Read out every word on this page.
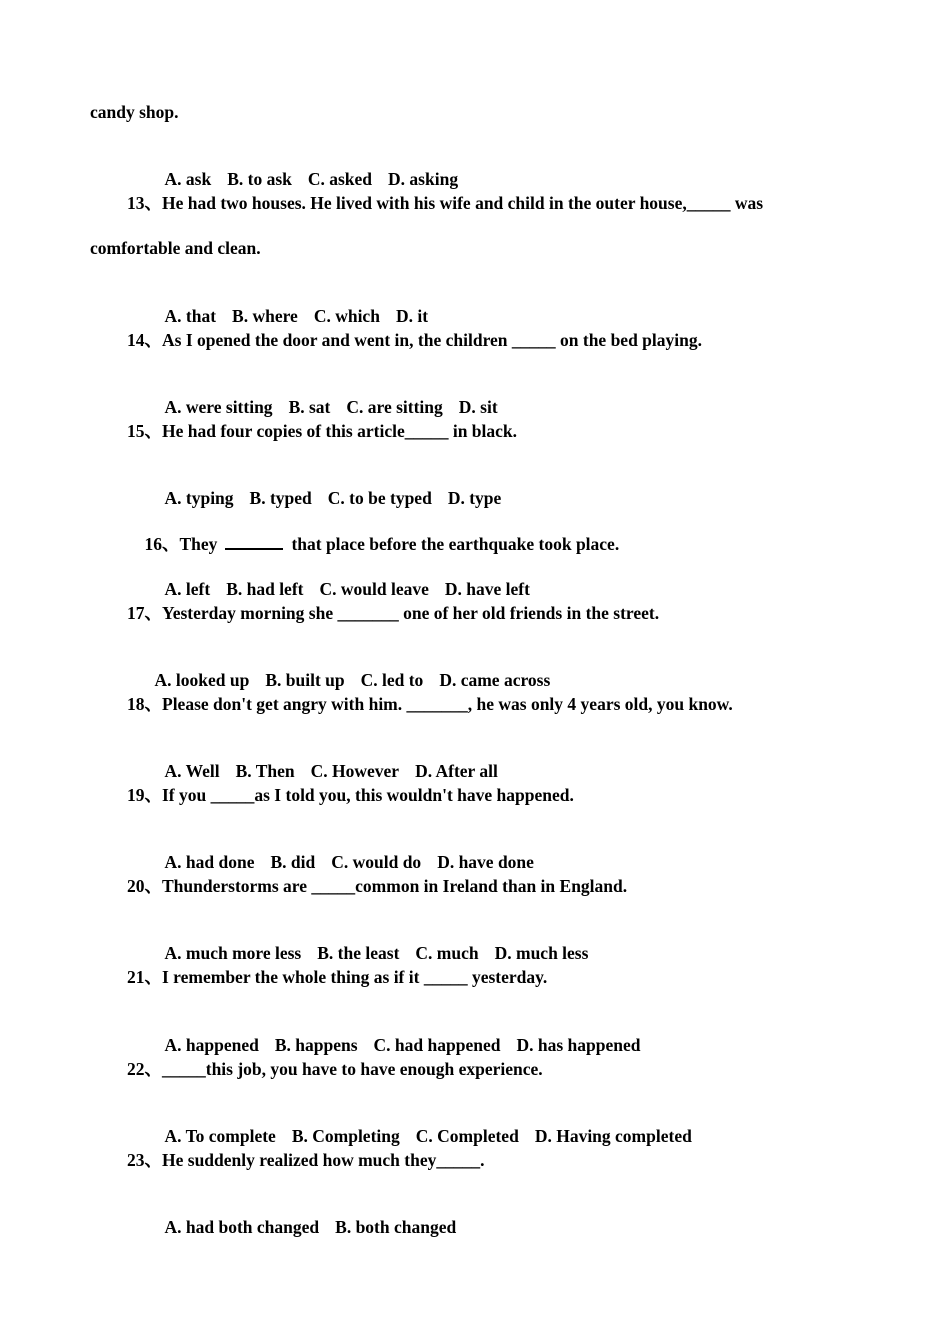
candy shop.

A. ask B. to ask C. asked D. asking

13、He had two houses. He lived with his wife and child in the outer house,_____ was
comfortable and clean.

A. that B. where C. which D. it

14、As I opened the door and went in, the children _____ on the bed playing.

A. were sitting B. sat C. are sitting D. sit

15、He had four copies of this article_____ in black.

A. typing B. typed C. to be typed D. type

16、They	that place before the earthquake took place.

A. left B. had left C. would leave D. have left

17、Yesterday morning she _______ one of her old friends in the street.

A. looked up B. built up C. led to D. came across

18、Please don't get angry with him. _______, he was only 4 years old, you know.

A. Well B. Then C. However D. After all

19、If you _____as I told you, this wouldn't have happened.

A. had done B. did C. would do D. have done

20、Thunderstorms are _____common in Ireland than in England.

A. much more less B. the least C. much D. much less

21、I remember the whole thing as if it _____ yesterday.

A. happened B. happens C. had happened D. has happened

22、_____this job, you have to have enough experience.

A. To complete B. Completing C. Completed D. Having completed

23、He suddenly realized how much they_____.

A. had both changed B. both changed
